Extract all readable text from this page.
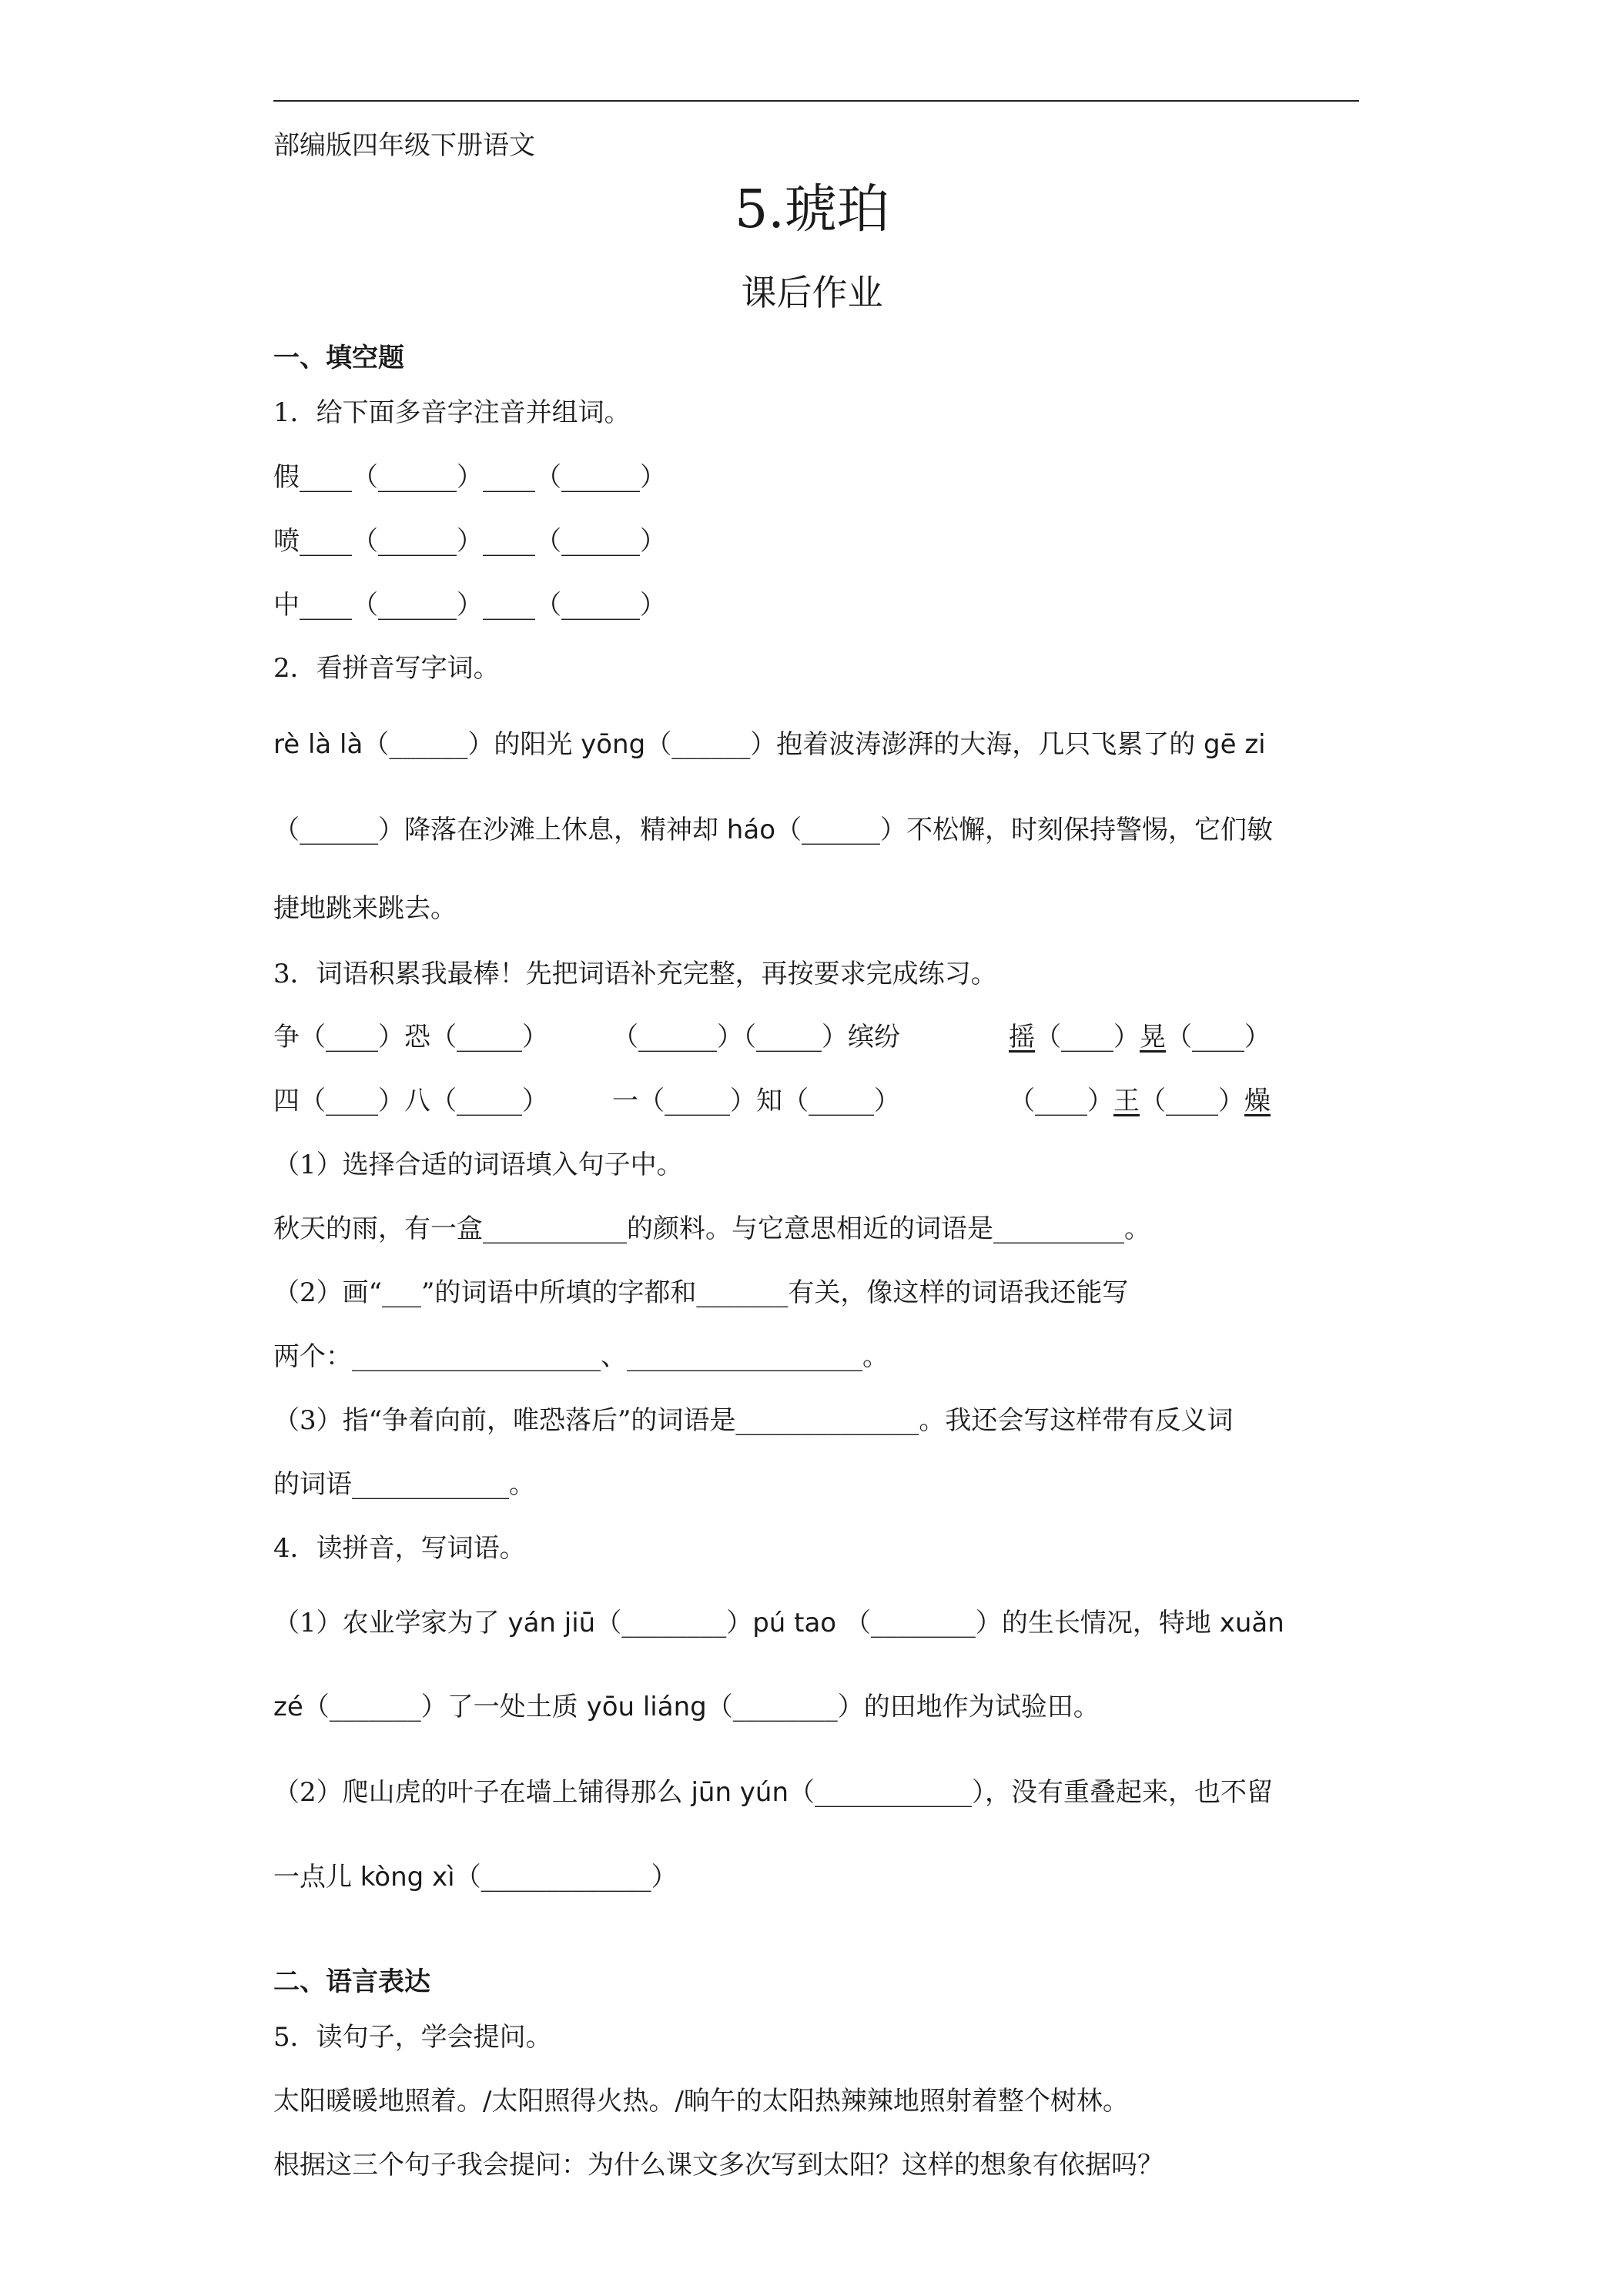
部编版四年级下册语文
5.琥珀
课后作业
一、填空题
1．给下面多音字注音并组词。
假____（______）____（______）
喷____（______）____（______）
中____（______）____（______）
2．看拼音写字词。
rè là là（______）的阳光 yōng（______）抱着波涛澎湃的大海，几只飞累了的 gē zi
（______）降落在沙滩上休息，精神却 háo（______）不松懈，时刻保持警惕，它们敏
捷地跳来跳去。
3．词语积累我最棒！先把词语补充完整，再按要求完成练习。
争（____）恐（_____） （______）（_____）缤纷	摇（____）晃（____）
四（____）八（_____） 一（_____）知（_____）	（____）王（____）燥
（1）选择合适的词语填入句子中。
秋天的雨，有一盒___________的颜料。与它意思相近的词语是__________。
（2）画“___”的词语中所填的字都和_______有关，像这样的词语我还能写
两个：___________________、__________________。
（3）指“争着向前，唯恐落后”的词语是______________。我还会写这样带有反义词
的词语____________。
4．读拼音，写词语。
（1）农业学家为了 yán jiū（________）pú tao （________）的生长情况，特地 xuǎn
zé（_______）了一处土质 yōu liáng（________）的田地作为试验田。
（2）爬山虎的叶子在墙上铺得那么 jūn yún（____________），没有重叠起来，也不留
一点儿 kòng xì（_____________）
二、语言表达
5．读句子，学会提问。
太阳暖暖地照着。/太阳照得火热。/晌午的太阳热辣辣地照射着整个树林。
根据这三个句子我会提问：为什么课文多次写到太阳？这样的想象有依据吗？
